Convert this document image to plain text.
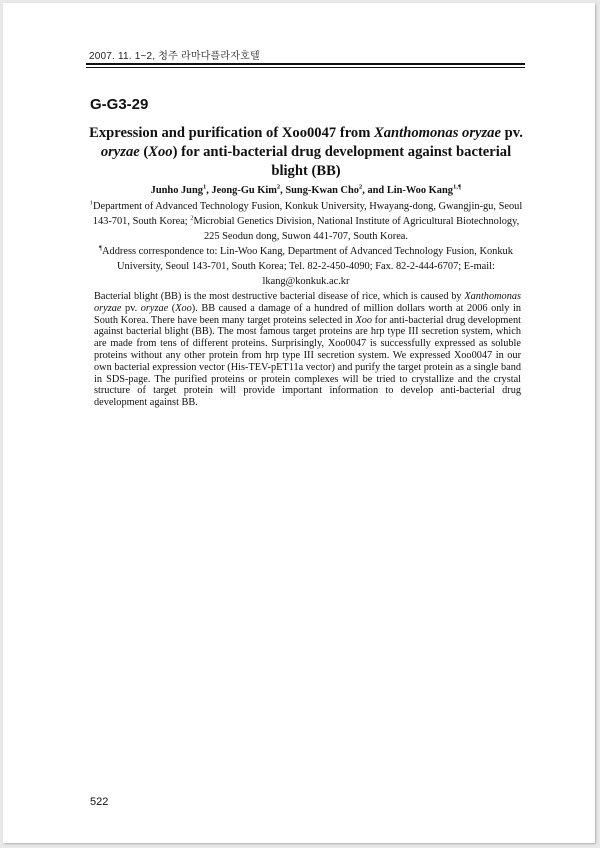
2007. 11. 1~2, 청주 라마다플라자호텔
G-G3-29
Expression and purification of Xoo0047 from Xanthomonas oryzae pv. oryzae (Xoo) for anti-bacterial drug development against bacterial blight (BB)
Junho Jung$^1$, Jeong-Gu Kim$^2$, Sung-Kwan Cho$^2$, and Lin-Woo Kang$^{1,\P}$

$^1$Department of Advanced Technology Fusion, Konkuk University, Hwayang-dong, Gwangjin-gu, Seoul 143-701, South Korea; $^2$Microbial Genetics Division, National Institute of Agricultural Biotechnology, 225 Seodun dong, Suwon 441-707, South Korea.

¶Address correspondence to: Lin-Woo Kang, Department of Advanced Technology Fusion, Konkuk University, Seoul 143-701, South Korea; Tel. 82-2-450-4090; Fax. 82-2-444-6707; E-mail: lkang@konkuk.ac.kr

Bacterial blight (BB) is the most destructive bacterial disease of rice, which is caused by Xanthomonas oryzae pv. oryzae (Xoo). BB caused a damage of a hundred of million dollars worth at 2006 only in South Korea. There have been many target proteins selected in Xoo for anti-bacterial drug development against bacterial blight (BB). The most famous target proteins are hrp type III secretion system, which are made from tens of different proteins. Surprisingly, Xoo0047 is successfully expressed as soluble proteins without any other protein from hrp type III secretion system. We expressed Xoo0047 in our own bacterial expression vector (His-TEV-pET11a vector) and purify the target protein as a single band in SDS-page. The purified proteins or protein complexes will be tried to crystallize and the crystal structure of target protein will provide important information to develop anti-bacterial drug development against BB.

522
